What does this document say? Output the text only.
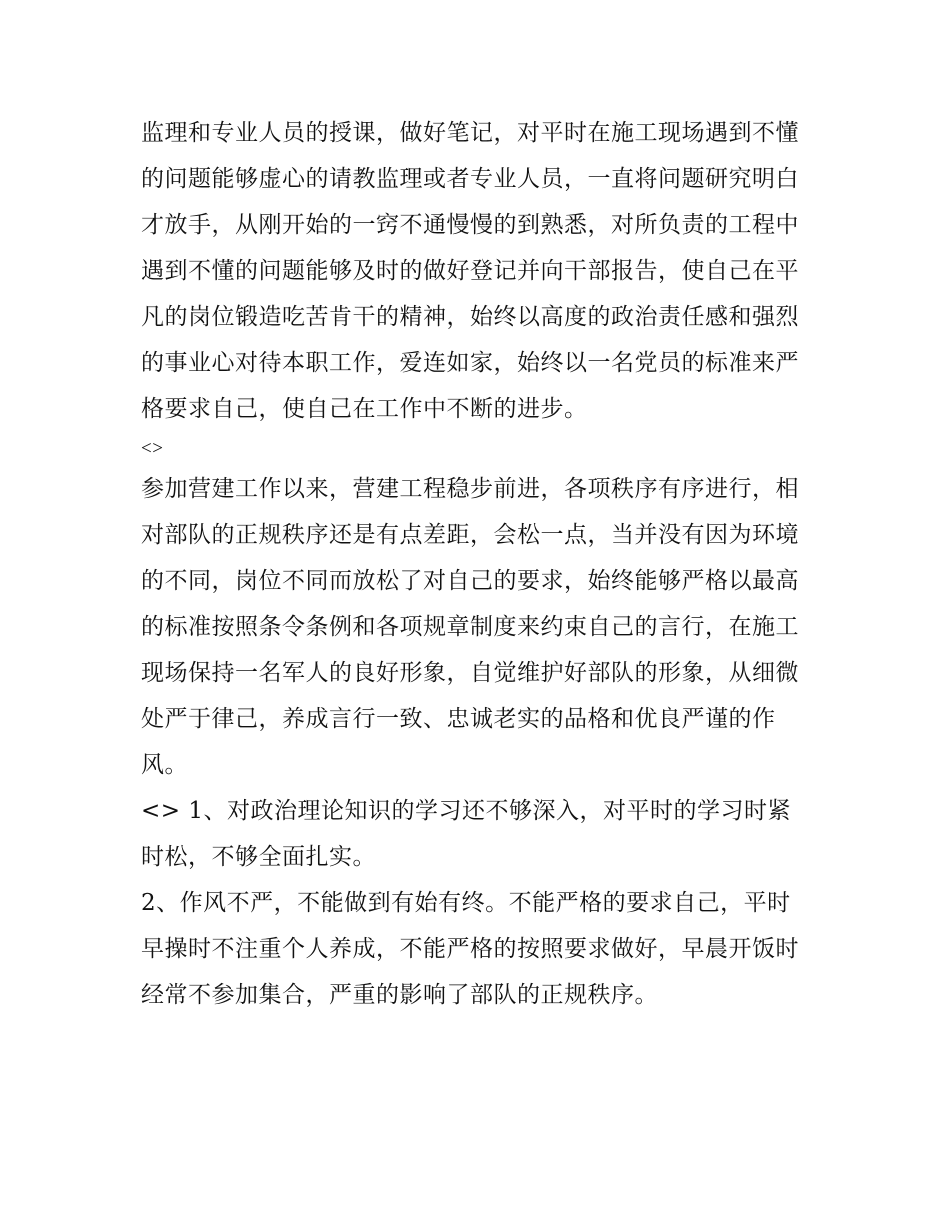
监理和专业人员的授课，做好笔记，对平时在施工现场遇到不懂的问题能够虚心的请教监理或者专业人员，一直将问题研究明白才放手，从刚开始的一窍不通慢慢的到熟悉，对所负责的工程中遇到不懂的问题能够及时的做好登记并向干部报告，使自己在平凡的岗位锻造吃苦肯干的精神，始终以高度的政治责任感和强烈的事业心对待本职工作，爱连如家，始终以一名党员的标准来严格要求自己，使自己在工作中不断的进步。

<>

参加营建工作以来，营建工程稳步前进，各项秩序有序进行，相对部队的正规秩序还是有点差距，会松一点，当并没有因为环境的不同，岗位不同而放松了对自己的要求，始终能够严格以最高的标准按照条令条例和各项规章制度来约束自己的言行，在施工现场保持一名军人的良好形象，自觉维护好部队的形象，从细微处严于律己，养成言行一致、忠诚老实的品格和优良严谨的作风。

<> 1、对政治理论知识的学习还不够深入，对平时的学习时紧时松，不够全面扎实。

2、作风不严，不能做到有始有终。不能严格的要求自己，平时早操时不注重个人养成，不能严格的按照要求做好，早晨开饭时经常不参加集合，严重的影响了部队的正规秩序。
